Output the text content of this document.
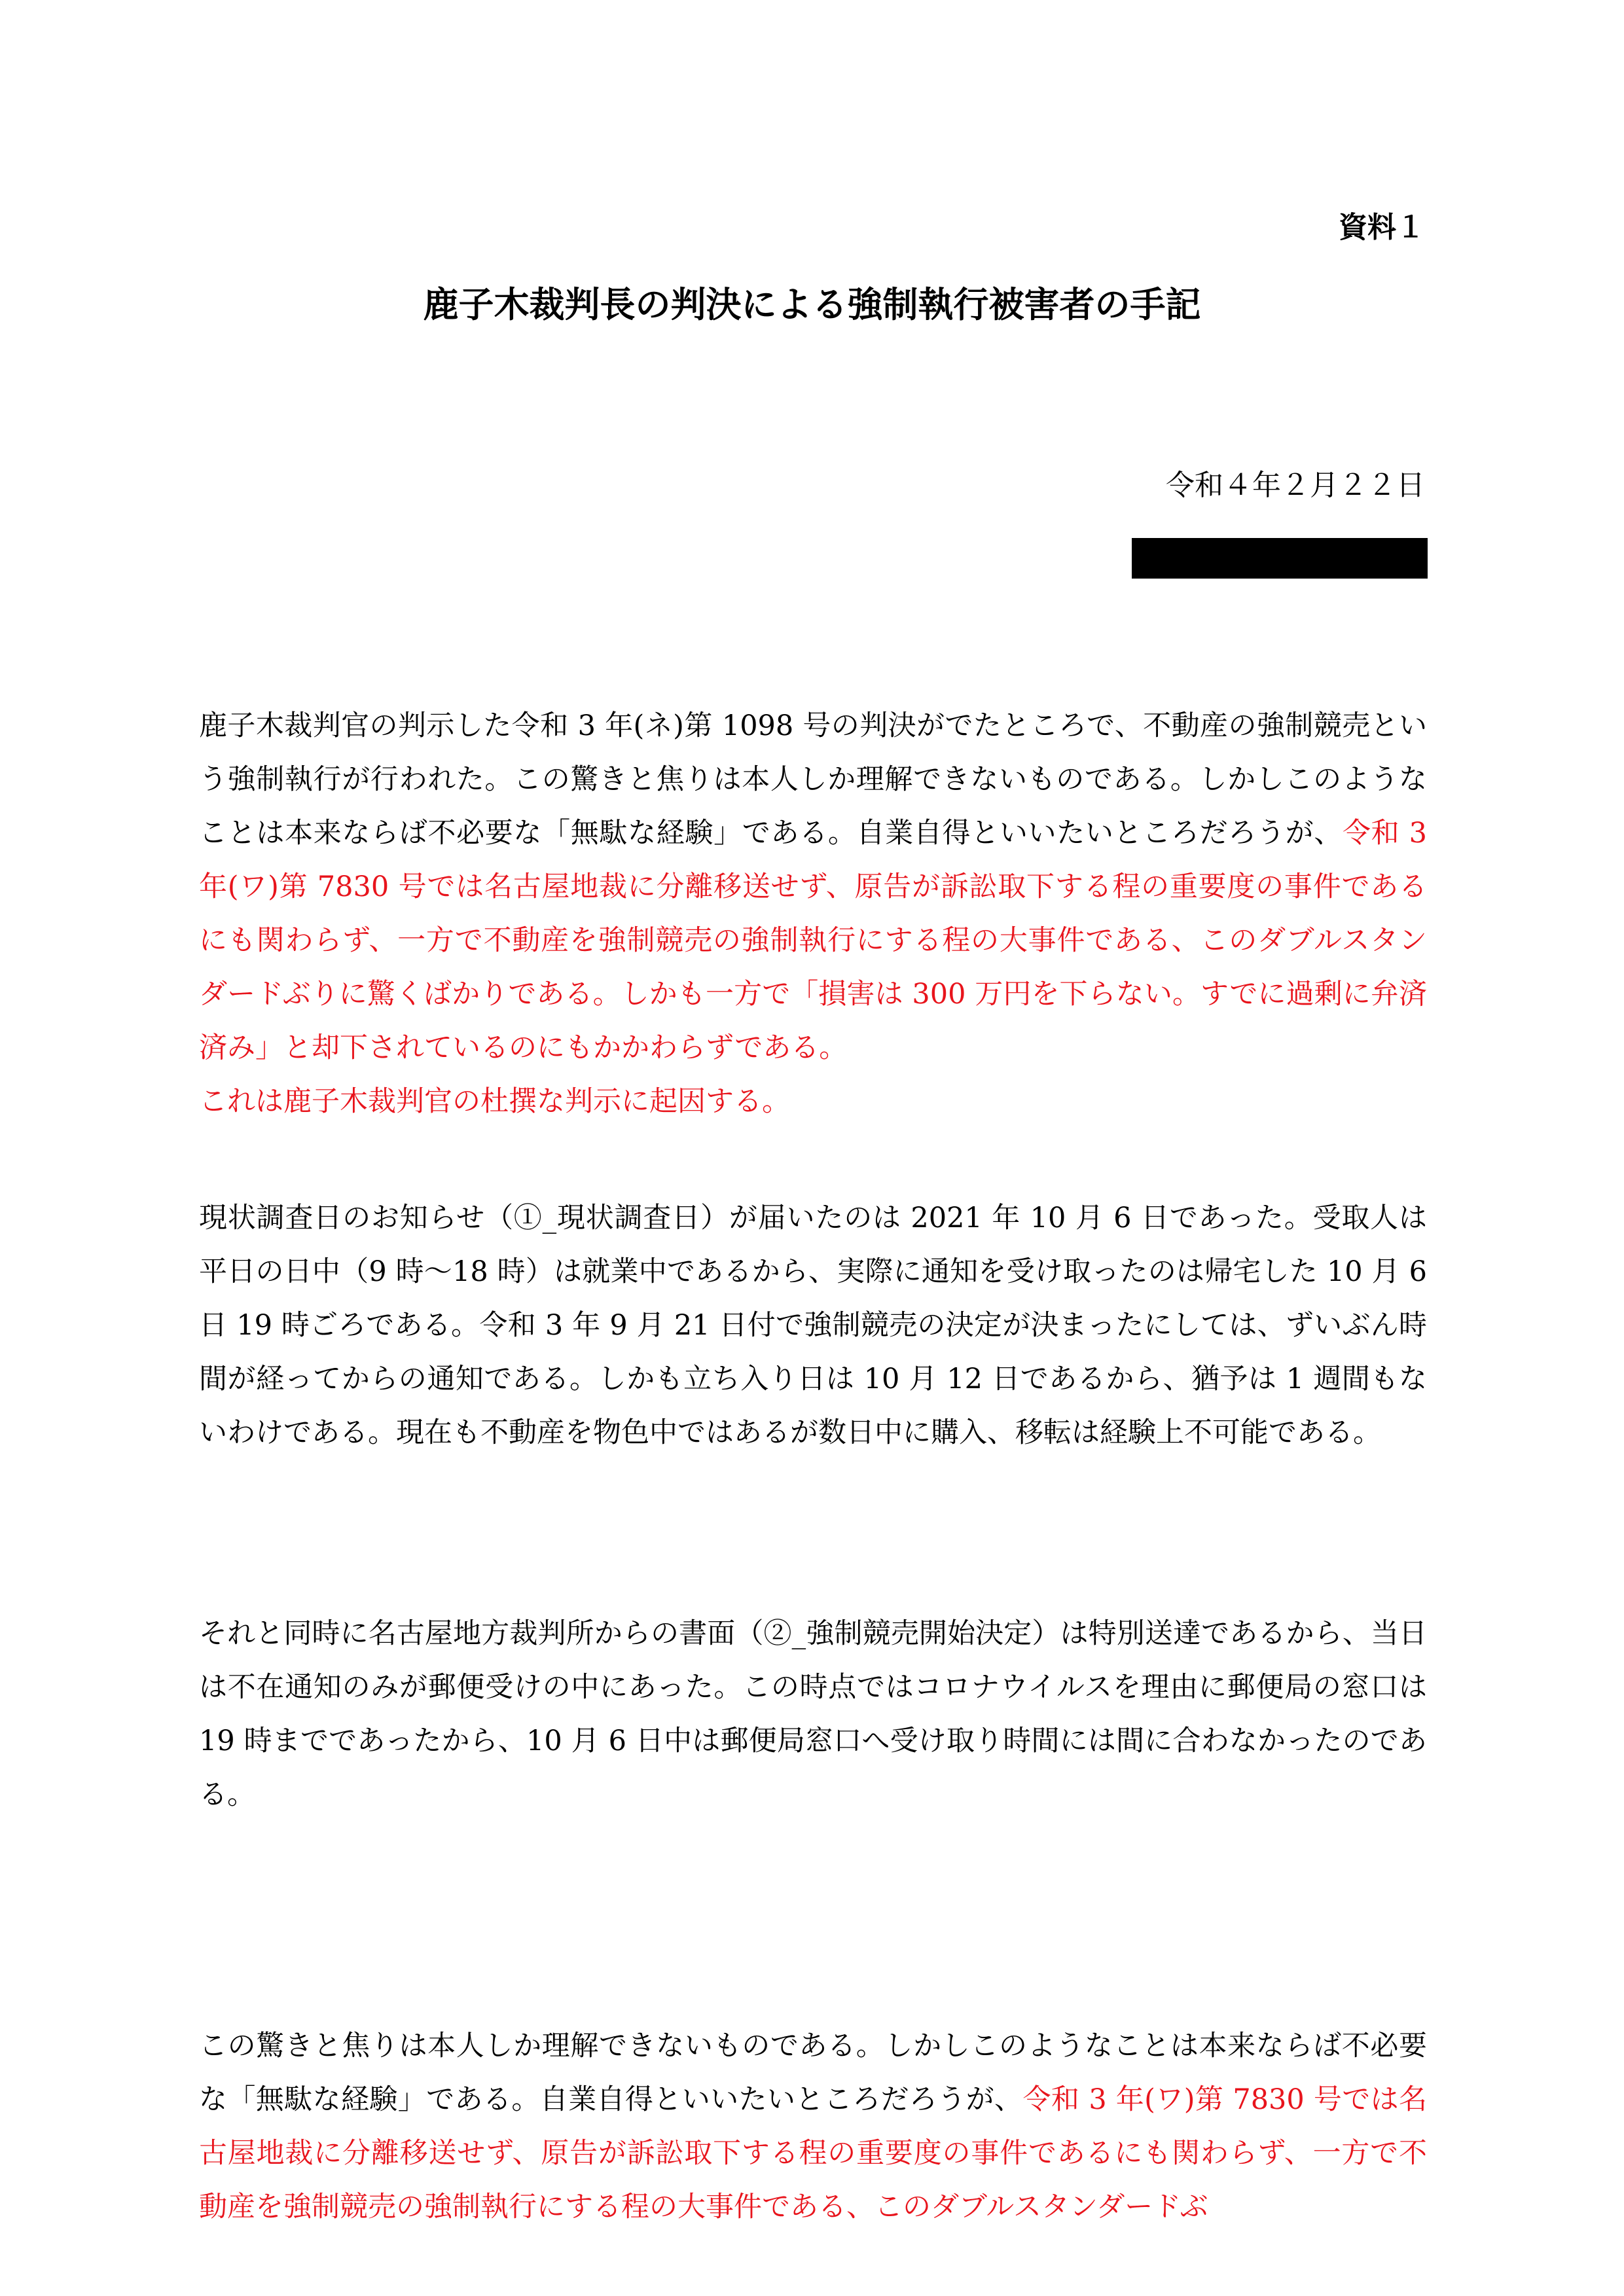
資料１
鹿子木裁判長の判決による強制執行被害者の手記
令和４年２月２２日

鹿子木裁判官の判示した令和 3 年(ネ)第 1098 号の判決がでたところで、不動産の強制競売という強制執行が行われた。この驚きと焦りは本人しか理解できないものである。しかしこのようなことは本来ならば不必要な「無駄な経験」である。自業自得といいたいところだろうが、令和 3 年(ワ)第 7830 号では名古屋地裁に分離移送せず、原告が訴訟取下する程の重要度の事件であるにも関わらず、一方で不動産を強制競売の強制執行にする程の大事件である、このダブルスタンダードぶりに驚くばかりである。しかも一方で「損害は 300 万円を下らない。すでに過剰に弁済済み」と却下されているのにもかかわらずである。
これは鹿子木裁判官の杜撰な判示に起因する。

現状調査日のお知らせ（①_現状調査日）が届いたのは 2021 年 10 月 6 日であった。受取人は平日の日中（9 時～18 時）は就業中であるから、実際に通知を受け取ったのは帰宅した 10 月 6 日 19 時ごろである。令和 3 年 9 月 21 日付で強制競売の決定が決まったにしては、ずいぶん時間が経ってからの通知である。しかも立ち入り日は 10 月 12 日であるから、猶予は 1 週間もないわけである。現在も不動産を物色中ではあるが数日中に購入、移転は経験上不可能である。

それと同時に名古屋地方裁判所からの書面（②_強制競売開始決定）は特別送達であるから、当日は不在通知のみが郵便受けの中にあった。この時点ではコロナウイルスを理由に郵便局の窓口は 19 時までであったから、10 月 6 日中は郵便局窓口へ受け取り時間には間に合わなかったのである。

この驚きと焦りは本人しか理解できないものである。しかしこのようなことは本来ならば不必要な「無駄な経験」である。自業自得といいたいところだろうが、令和 3 年(ワ)第 7830 号では名古屋地裁に分離移送せず、原告が訴訟取下する程の重要度の事件であるにも関わらず、一方で不動産を強制競売の強制執行にする程の大事件である、このダブルスタンダードぶ
